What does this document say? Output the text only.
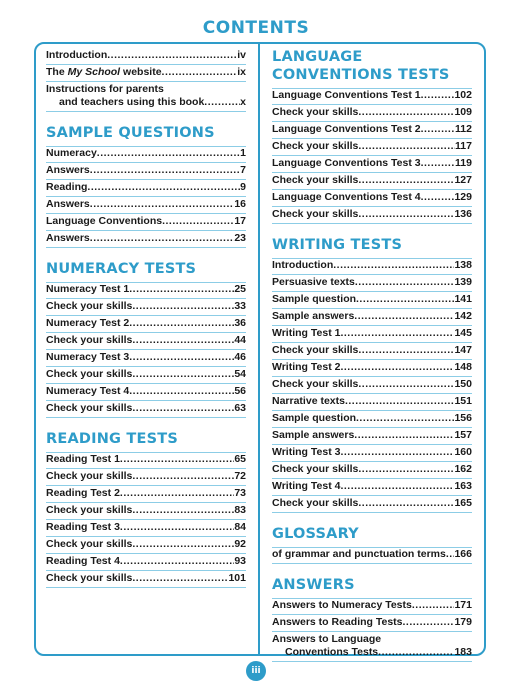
CONTENTS
Introduction .....	iv
The My School website .....	ix
Instructions for parents
and teachers using this book .....	x
SAMPLE QUESTIONS
Numeracy .....	1
Answers .....	7
Reading .....	9
Answers .....	16
Language Conventions .....	17
Answers .....	23
NUMERACY TESTS
Numeracy Test 1 .....	25
Check your skills .....	33
Numeracy Test 2 .....	36
Check your skills .....	44
Numeracy Test 3 .....	46
Check your skills .....	54
Numeracy Test 4 .....	56
Check your skills .....	63
READING TESTS
Reading Test 1 .....	65
Check your skills .....	72
Reading Test 2 .....	73
Check your skills .....	83
Reading Test 3 .....	84
Check your skills .....	92
Reading Test 4 .....	93
Check your skills .....	101
LANGUAGE
CONVENTIONS TESTS
Language Conventions Test 1 .....	102
Check your skills .....	109
Language Conventions Test 2 .....	112
Check your skills .....	117
Language Conventions Test 3 .....	119
Check your skills .....	127
Language Conventions Test 4 .....	129
Check your skills .....	136
WRITING TESTS
Introduction .....	138
Persuasive texts .....	139
Sample question .....	141
Sample answers .....	142
Writing Test 1 .....	145
Check your skills .....	147
Writing Test 2 .....	148
Check your skills .....	150
Narrative texts .....	151
Sample question .....	156
Sample answers .....	157
Writing Test 3 .....	160
Check your skills .....	162
Writing Test 4 .....	163
Check your skills .....	165
GLOSSARY
of grammar and punctuation terms ..... 166
ANSWERS
Answers to Numeracy Tests .....	171
Answers to Reading Tests .....	179
Answers to Language
Conventions Tests .....	183
iii
